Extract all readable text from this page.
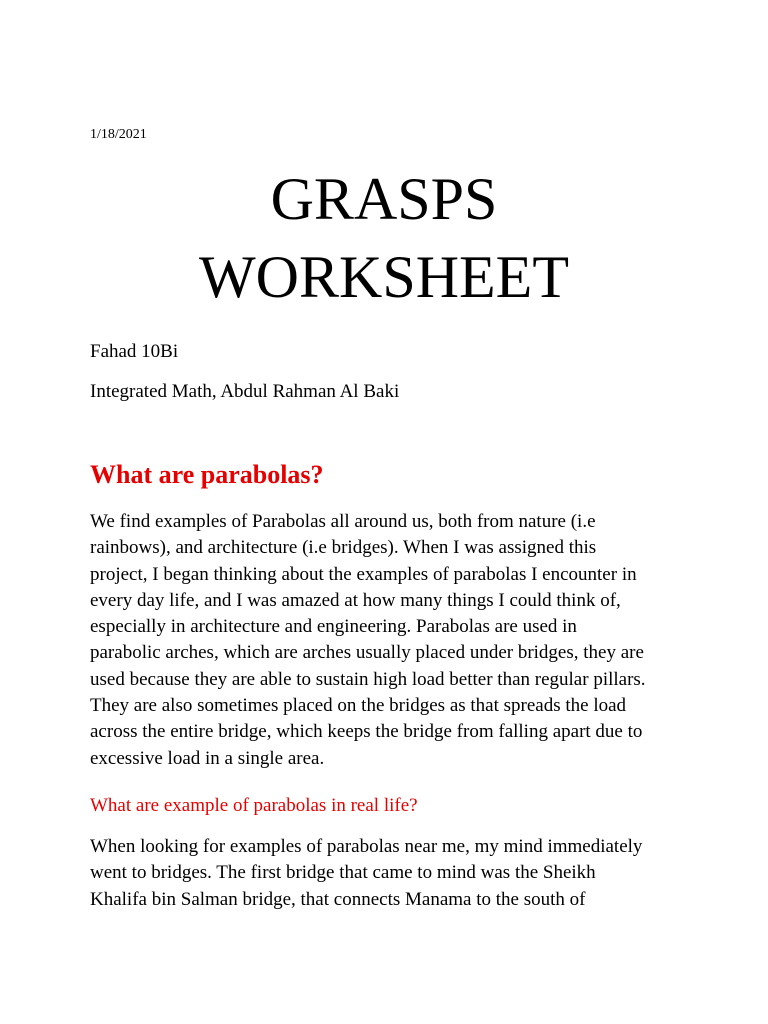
1/18/2021
GRASPS
WORKSHEET
Fahad 10Bi
Integrated Math, Abdul Rahman Al Baki
What are parabolas?

We find examples of Parabolas all around us, both from nature (i.e
rainbows), and architecture (i.e bridges). When I was assigned this
project, I began thinking about the examples of parabolas I encounter in
every day life, and I was amazed at how many things I could think of,
especially in architecture and engineering. Parabolas are used in
parabolic arches, which are arches usually placed under bridges, they are
used because they are able to sustain high load better than regular pillars.
They are also sometimes placed on the bridges as that spreads the load
across the entire bridge, which keeps the bridge from falling apart due to
excessive load in a single area.

What are example of parabolas in real life?

When looking for examples of parabolas near me, my mind immediately
went to bridges. The first bridge that came to mind was the Sheikh
Khalifa bin Salman bridge, that connects Manama to the south of
